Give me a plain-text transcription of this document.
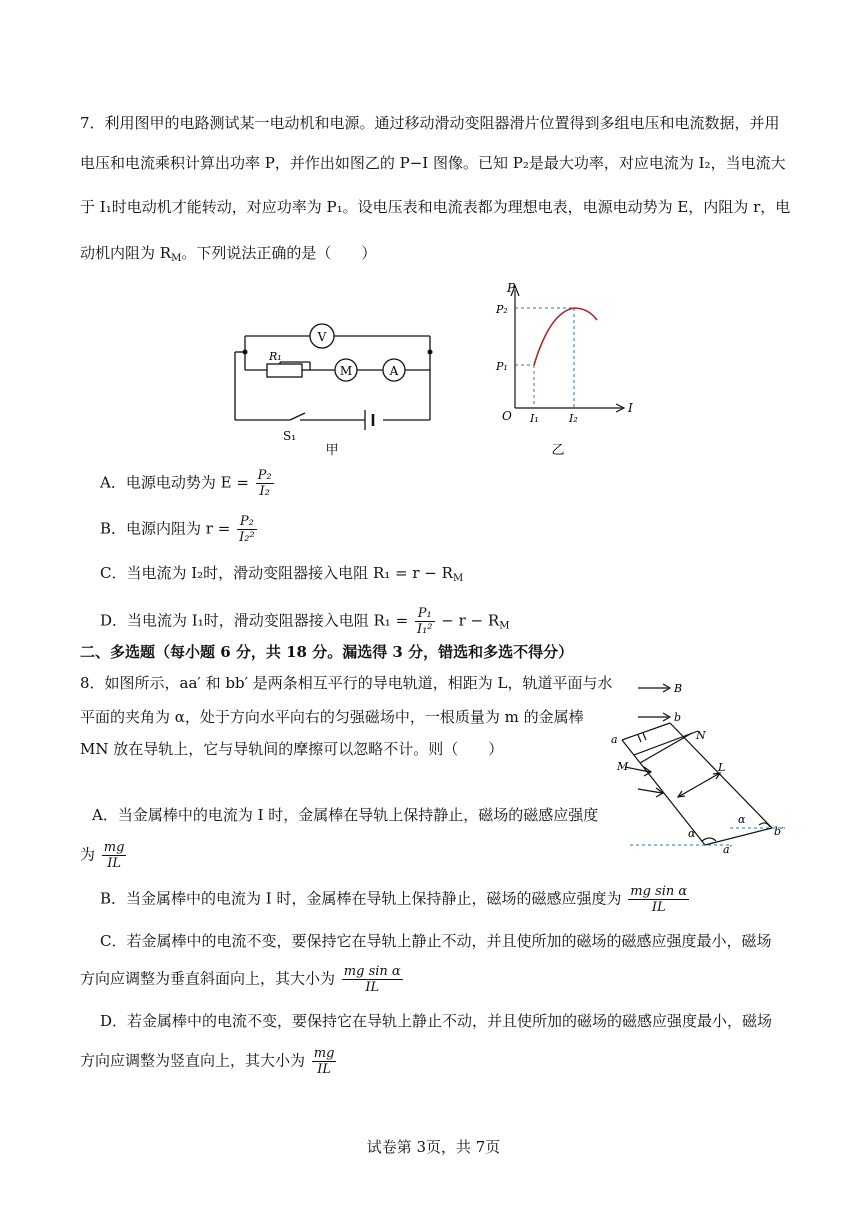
7．利用图甲的电路测试某一电动机和电源。通过移动滑动变阻器滑片位置得到多组电压和电流数据，并用
电压和电流乘积计算出功率 P，并作出如图乙的 P−I 图像。已知 P₂是最大功率，对应电流为 I₂，当电流大
于 I₁时电动机才能转动，对应功率为 P₁。设电压表和电流表都为理想电表，电源电动势为 E，内阻为 r，电
动机内阻为 $R_M$。下列说法正确的是（　　）
V
M	A
R₁
S₁
甲
P
I
O
P₂
P₁
I₁	I₂
乙
A．电源电动势为 $E = \frac{\text{P₂}}{\text{I₂}}$
B．电源内阻为 $r = \frac{\text{P₂}}{\text{I₂²}}$
C．当电流为 I₂时，滑动变阻器接入电阻 $R_1 = r - R_M$
D．当电流为 I₁时，滑动变阻器接入电阻 $R_1 = \frac{\text{P₁}}{\text{I₁²}} - r - R_M$
二、多选题（每小题 6 分，共 18 分。漏选得 3 分，错选和多选不得分）
8．如图所示，aa′ 和 bb′ 是两条相互平行的导电轨道，相距为 L，轨道平面与水
平面的夹角为 α，处于方向水平向右的匀强磁场中，一根质量为 m 的金属棒
MN 放在导轨上，它与导轨间的摩擦可以忽略不计。则（　　）
B
b
a	N
M	L
α
α
b′
a′
A．当金属棒中的电流为 I 时，金属棒在导轨上保持静止，磁场的磁感应强度
为 $\frac{mg}{IL}$
B．当金属棒中的电流为 I 时，金属棒在导轨上保持静止，磁场的磁感应强度为 $\frac{\text{mg sin α}}{IL}$
C．若金属棒中的电流不变，要保持它在导轨上静止不动，并且使所加的磁场的磁感应强度最小，磁场
方向应调整为垂直斜面向上，其大小为 $\frac{\text{mg sin α}}{IL}$
D．若金属棒中的电流不变，要保持它在导轨上静止不动，并且使所加的磁场的磁感应强度最小，磁场
方向应调整为竖直向上，其大小为 $\frac{mg}{IL}$
试卷第 3页，共 7页
